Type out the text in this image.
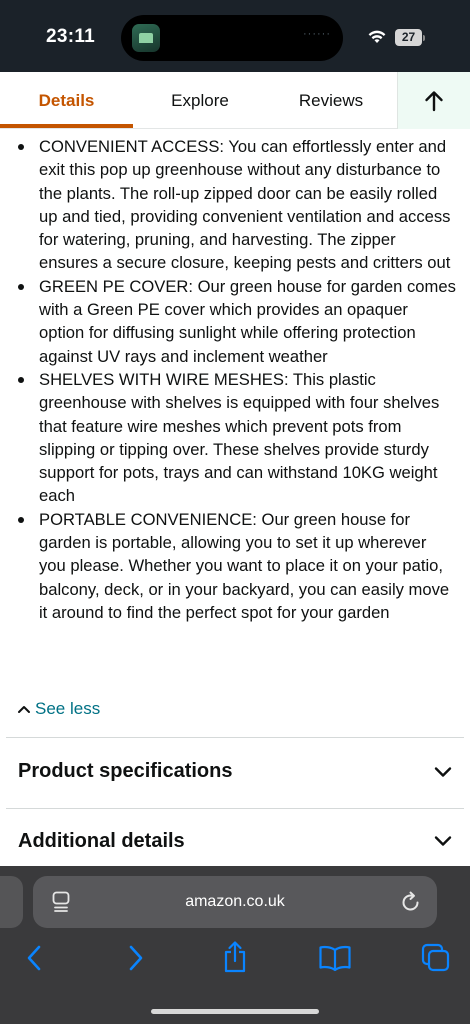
23:11	······	27
Details	Explore	Reviews
CONVENIENT ACCESS: You can effortlessly enter and exit this pop up greenhouse without any disturbance to the plants. The roll-up zipped door can be easily rolled up and tied, providing convenient ventilation and access for watering, pruning, and harvesting. The zipper ensures a secure closure, keeping pests and critters out
GREEN PE COVER: Our green house for garden comes with a Green PE cover which provides an opaquer option for diffusing sunlight while offering protection against UV rays and inclement weather
SHELVES WITH WIRE MESHES: This plastic greenhouse with shelves is equipped with four shelves that feature wire meshes which prevent pots from slipping or tipping over. These shelves provide sturdy support for pots, trays and can withstand 10KG weight each
PORTABLE CONVENIENCE: Our green house for garden is portable, allowing you to set it up wherever you please. Whether you want to place it on your patio, balcony, deck, or in your backyard, you can easily move it around to find the perfect spot for your garden
See less
Product specifications
Additional details
amazon.co.uk
